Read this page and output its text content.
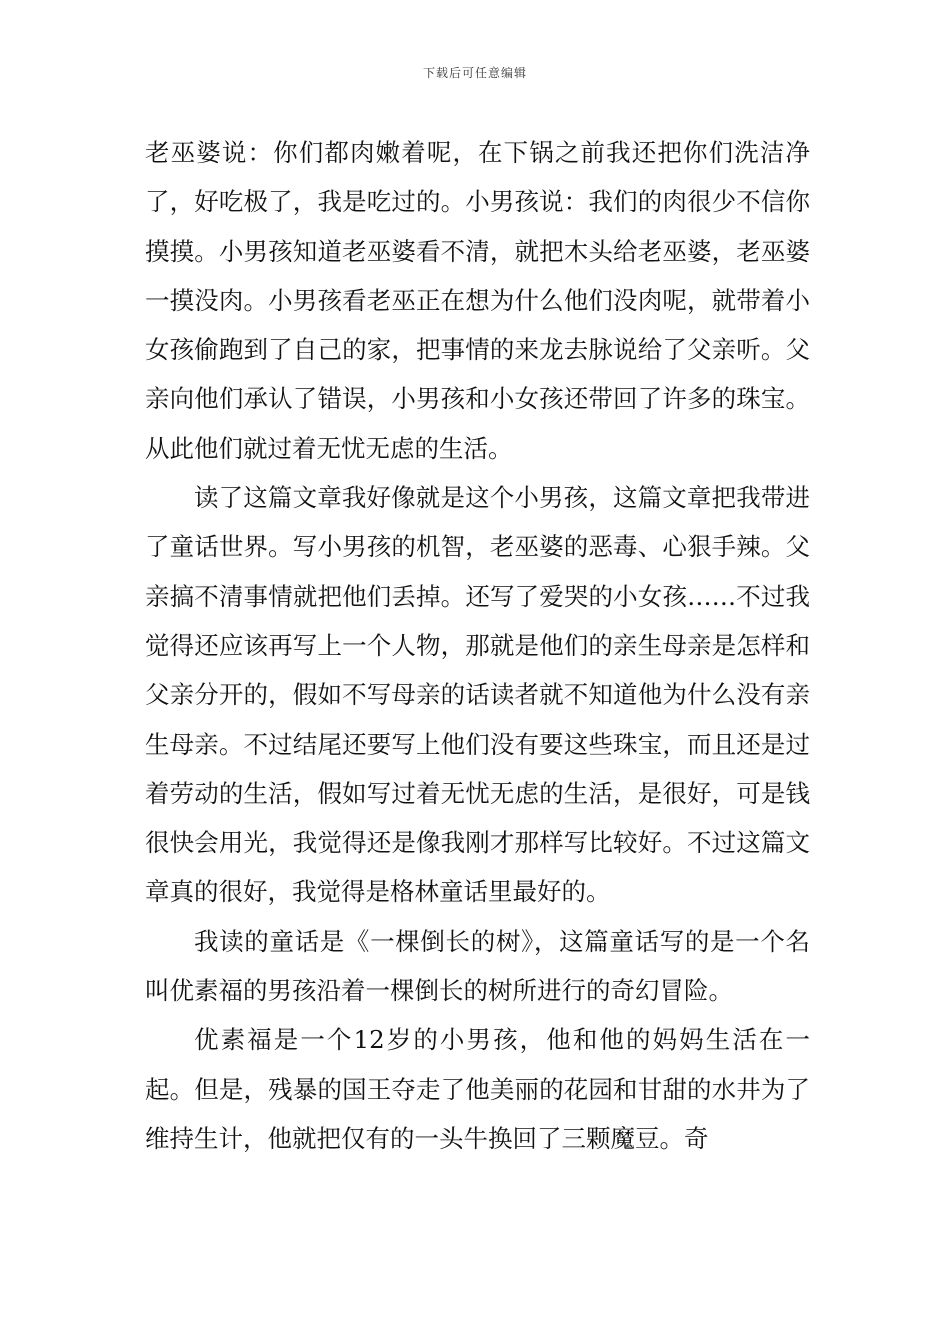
下载后可任意编辑

老巫婆说：你们都肉嫩着呢，在下锅之前我还把你们洗洁净了，好吃极了，我是吃过的。小男孩说：我们的肉很少不信你摸摸。小男孩知道老巫婆看不清，就把木头给老巫婆，老巫婆一摸没肉。小男孩看老巫正在想为什么他们没肉呢，就带着小女孩偷跑到了自己的家，把事情的来龙去脉说给了父亲听。父亲向他们承认了错误，小男孩和小女孩还带回了许多的珠宝。从此他们就过着无忧无虑的生活。

读了这篇文章我好像就是这个小男孩，这篇文章把我带进了童话世界。写小男孩的机智，老巫婆的恶毒、心狠手辣。父亲搞不清事情就把他们丢掉。还写了爱哭的小女孩……不过我觉得还应该再写上一个人物，那就是他们的亲生母亲是怎样和父亲分开的，假如不写母亲的话读者就不知道他为什么没有亲生母亲。不过结尾还要写上他们没有要这些珠宝，而且还是过着劳动的生活，假如写过着无忧无虑的生活，是很好，可是钱很快会用光，我觉得还是像我刚才那样写比较好。不过这篇文章真的很好，我觉得是格林童话里最好的。

我读的童话是《一棵倒长的树》，这篇童话写的是一个名叫优素福的男孩沿着一棵倒长的树所进行的奇幻冒险。

优素福是一个12岁的小男孩，他和他的妈妈生活在一起。但是，残暴的国王夺走了他美丽的花园和甘甜的水井为了维持生计，他就把仅有的一头牛换回了三颗魔豆。奇
